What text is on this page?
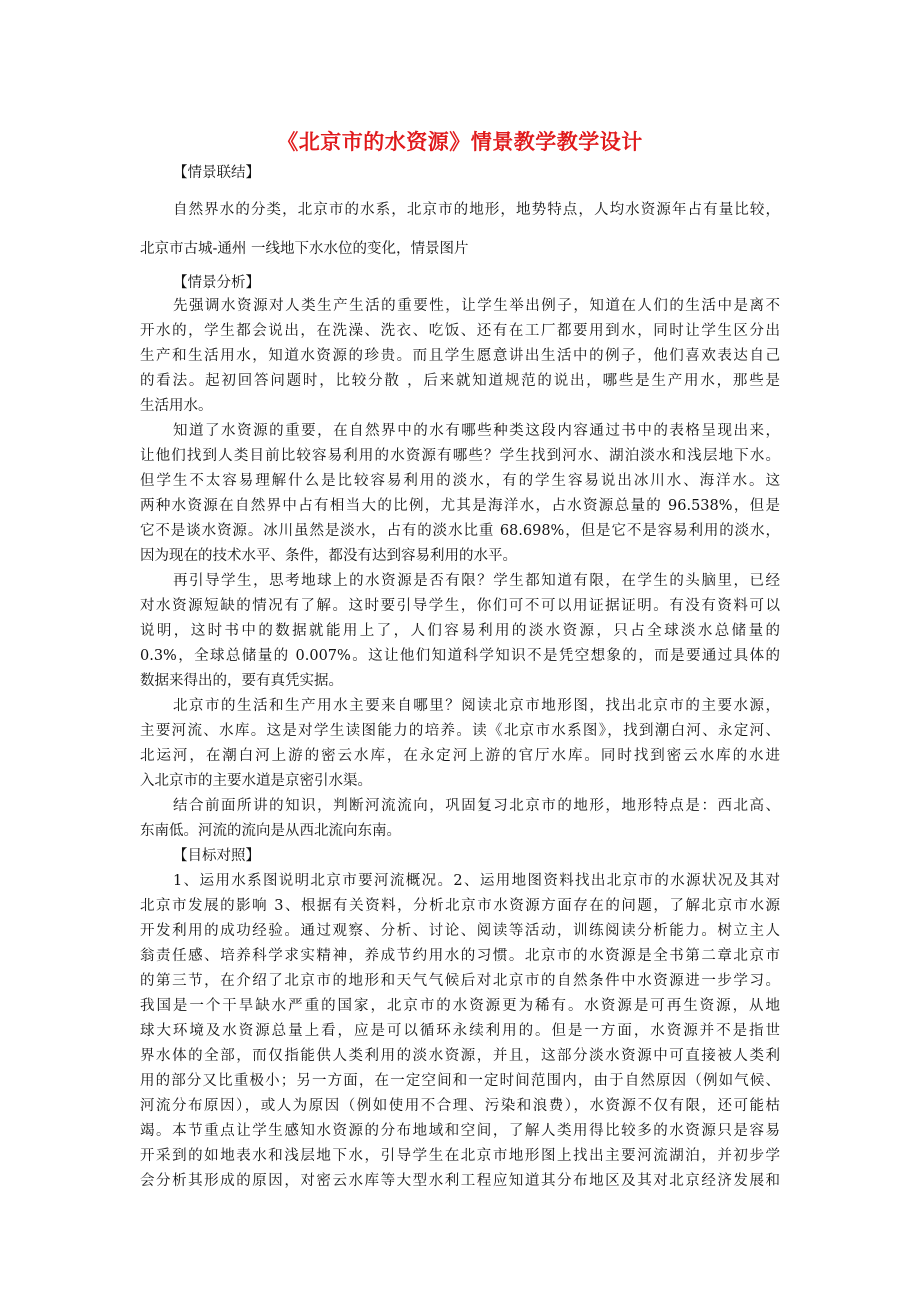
《北京市的水资源》情景教学教学设计
【情景联结】
自然界水的分类，北京市的水系，北京市的地形，地势特点，人均水资源年占有量比较，
北京市古城-通州 一线地下水水位的变化，情景图片
【情景分析】
先强调水资源对人类生产生活的重要性，让学生举出例子，知道在人们的生活中是离不
开水的，学生都会说出，在洗澡、洗衣、吃饭、还有在工厂都要用到水，同时让学生区分出
生产和生活用水，知道水资源的珍贵。而且学生愿意讲出生活中的例子，他们喜欢表达自己
的看法。起初回答问题时，比较分散 ，后来就知道规范的说出，哪些是生产用水，那些是
生活用水。
知道了水资源的重要，在自然界中的水有哪些种类这段内容通过书中的表格呈现出来，
让他们找到人类目前比较容易利用的水资源有哪些？学生找到河水、湖泊淡水和浅层地下水。
但学生不太容易理解什么是比较容易利用的淡水，有的学生容易说出冰川水、海洋水。这
两种水资源在自然界中占有相当大的比例，尤其是海洋水，占水资源总量的 96.538%，但是
它不是谈水资源。冰川虽然是淡水，占有的淡水比重 68.698%，但是它不是容易利用的淡水，
因为现在的技术水平、条件，都没有达到容易利用的水平。
再引导学生，思考地球上的水资源是否有限？学生都知道有限，在学生的头脑里，已经
对水资源短缺的情况有了解。这时要引导学生，你们可不可以用证据证明。有没有资料可以
说明，这时书中的数据就能用上了，人们容易利用的淡水资源，只占全球淡水总储量的
0.3%，全球总储量的 0.007%。这让他们知道科学知识不是凭空想象的，而是要通过具体的
数据来得出的，要有真凭实据。
北京市的生活和生产用水主要来自哪里？阅读北京市地形图，找出北京市的主要水源，
主要河流、水库。这是对学生读图能力的培养。读《北京市水系图》，找到潮白河、永定河、
北运河，在潮白河上游的密云水库，在永定河上游的官厅水库。同时找到密云水库的水进
入北京市的主要水道是京密引水渠。
结合前面所讲的知识，判断河流流向，巩固复习北京市的地形，地形特点是：西北高、
东南低。河流的流向是从西北流向东南。
【目标对照】
1、运用水系图说明北京市要河流概况。2、运用地图资料找出北京市的水源状况及其对
北京市发展的影响 3、根据有关资料，分析北京市水资源方面存在的问题，了解北京市水源
开发利用的成功经验。通过观察、分析、讨论、阅读等活动，训练阅读分析能力。树立主人
翁责任感、培养科学求实精神，养成节约用水的习惯。北京市的水资源是全书第二章北京市
的第三节，在介绍了北京市的地形和天气气候后对北京市的自然条件中水资源进一步学习。
我国是一个干旱缺水严重的国家，北京市的水资源更为稀有。水资源是可再生资源，从地
球大环境及水资源总量上看，应是可以循环永续利用的。但是一方面，水资源并不是指世
界水体的全部，而仅指能供人类利用的淡水资源，并且，这部分淡水资源中可直接被人类利
用的部分又比重极小；另一方面，在一定空间和一定时间范围内，由于自然原因（例如气候、
河流分布原因），或人为原因（例如使用不合理、污染和浪费），水资源不仅有限，还可能枯
竭。本节重点让学生感知水资源的分布地域和空间，了解人类用得比较多的水资源只是容易
开采到的如地表水和浅层地下水，引导学生在北京市地形图上找出主要河流湖泊，并初步学
会分析其形成的原因，对密云水库等大型水利工程应知道其分布地区及其对北京经济发展和
